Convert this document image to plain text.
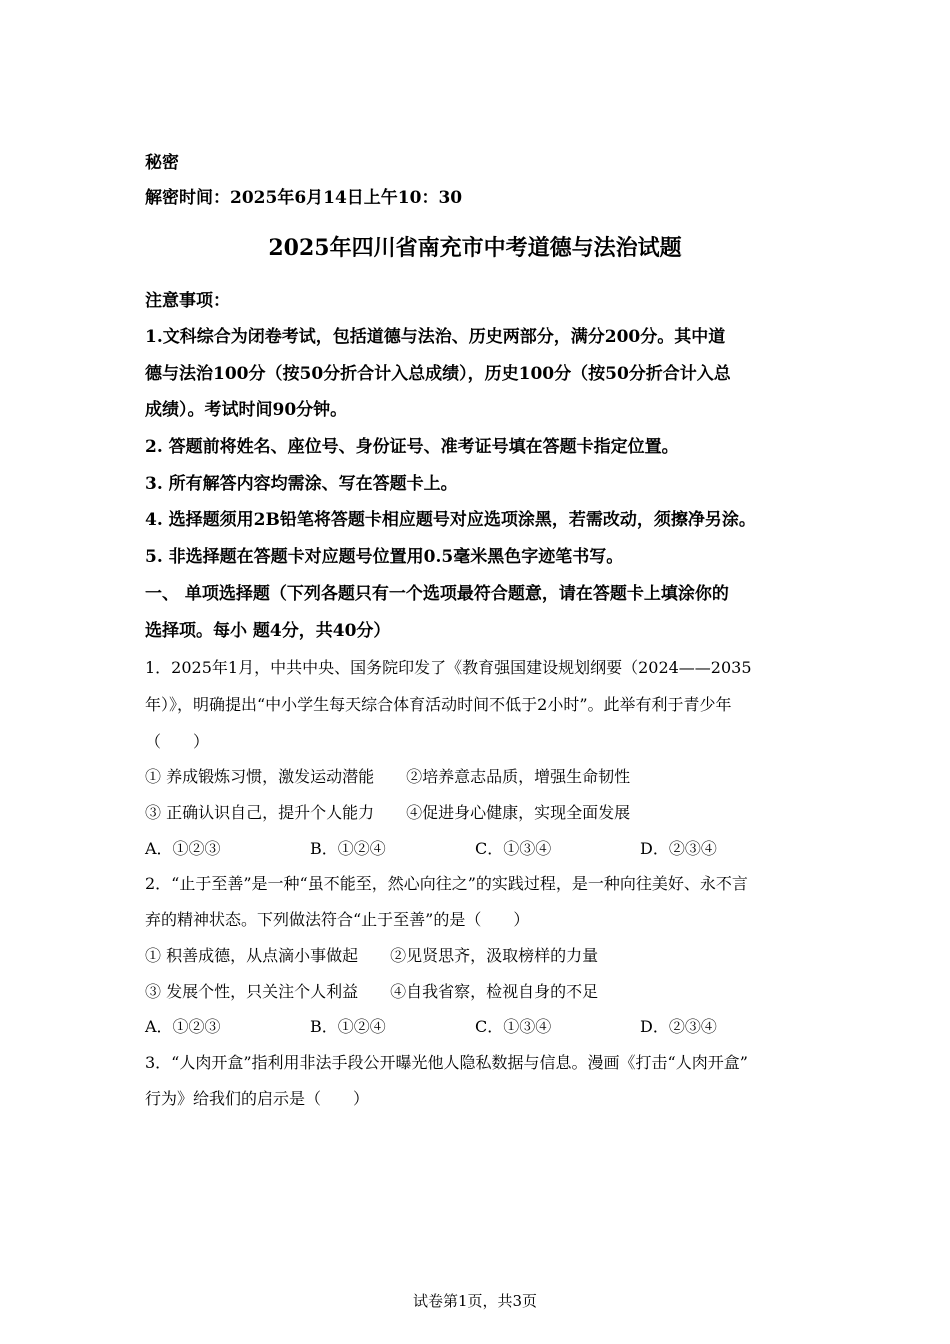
秘密
解密时间：2025年6月14日上午10：30
2025年四川省南充市中考道德与法治试题
注意事项：
1.文科综合为闭卷考试，包括道德与法治、历史两部分，满分200分。其中道
德与法治100分（按50分折合计入总成绩），历史100分（按50分折合计入总
成绩）。考试时间90分钟。
2. 答题前将姓名、座位号、身份证号、准考证号填在答题卡指定位置。
3. 所有解答内容均需涂、写在答题卡上。
4. 选择题须用2B铅笔将答题卡相应题号对应选项涂黑，若需改动，须擦净另涂。
5. 非选择题在答题卡对应题号位置用0.5毫米黑色字迹笔书写。
一、 单项选择题（下列各题只有一个选项最符合题意，请在答题卡上填涂你的
选择项。每小 题4分，共40分）
1．2025年1月，中共中央、国务院印发了《教育强国建设规划纲要（2024——2035
年）》，明确提出“中小学生每天综合体育活动时间不低于2小时”。此举有利于青少年
（　　）
① 养成锻炼习惯，激发运动潜能　　②培养意志品质，增强生命韧性
③ 正确认识自己，提升个人能力　　④促进身心健康，实现全面发展
A．①②③	B．①②④	C．①③④	D．②③④
2．“止于至善”是一种“虽不能至，然心向往之”的实践过程，是一种向往美好、永不言
弃的精神状态。下列做法符合“止于至善”的是（　　）
① 积善成德，从点滴小事做起　　②见贤思齐，汲取榜样的力量
③ 发展个性，只关注个人利益　　④自我省察，检视自身的不足
A．①②③	B．①②④	C．①③④	D．②③④
3．“人肉开盒”指利用非法手段公开曝光他人隐私数据与信息。漫画《打击“人肉开盒”
行为》给我们的启示是（　　）
试卷第1页，共3页
